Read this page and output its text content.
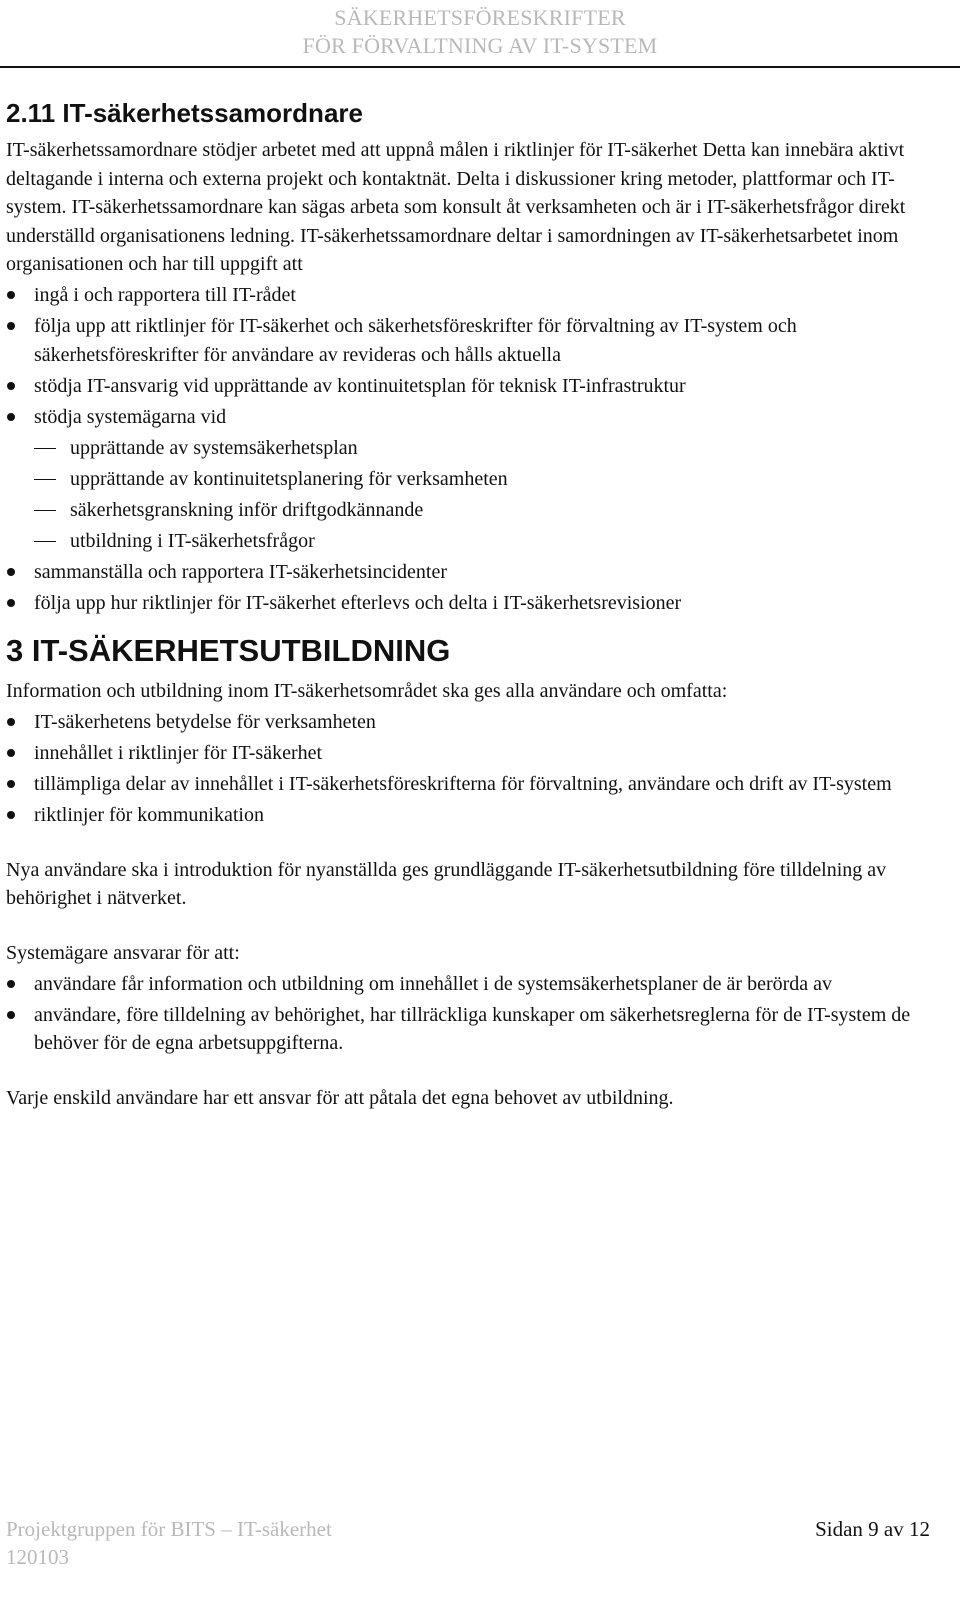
SÄKERHETSFÖRESKRIFTER
FÖR FÖRVALTNING AV IT-SYSTEM
2.11 IT-säkerhetssamordnare

IT-säkerhetssamordnare stödjer arbetet med att uppnå målen i riktlinjer för IT-säkerhet Detta kan innebära aktivt deltagande i interna och externa projekt och kontaktnät. Delta i diskussioner kring metoder, plattformar och IT-system. IT-säkerhetssamordnare kan sägas arbeta som konsult åt verksamheten och är i IT-säkerhetsfrågor direkt underställd organisationens ledning. IT-säkerhetssamordnare deltar i samordningen av IT-säkerhetsarbetet inom organisationen och har till uppgift att

ingå i och rapportera till IT-rådet
följa upp att riktlinjer för IT-säkerhet och säkerhetsföreskrifter för förvaltning av IT-system och säkerhetsföreskrifter för användare av revideras och hålls aktuella
stödja IT-ansvarig vid upprättande av kontinuitetsplan för teknisk IT-infrastruktur
stödja systemägarna vid
upprättande av systemsäkerhetsplan
upprättande av kontinuitetsplanering för verksamheten
säkerhetsgranskning inför driftgodkännande
utbildning i IT-säkerhetsfrågor
sammanställa och rapportera IT-säkerhetsincidenter
följa upp hur riktlinjer för IT-säkerhet efterlevs och delta i IT-säkerhetsrevisioner
3 IT-SÄKERHETSUTBILDNING

Information och utbildning inom IT-säkerhetsområdet ska ges alla användare och omfatta:

IT-säkerhetens betydelse för verksamheten
innehållet i riktlinjer för IT-säkerhet
tillämpliga delar av innehållet i IT-säkerhetsföreskrifterna för förvaltning, användare och drift av IT-system
riktlinjer för kommunikation

Nya användare ska i introduktion för nyanställda ges grundläggande IT-säkerhetsutbildning före tilldelning av behörighet i nätverket.

Systemägare ansvarar för att:

användare får information och utbildning om innehållet i de systemsäkerhetsplaner de är berörda av
användare, före tilldelning av behörighet, har tillräckliga kunskaper om säkerhetsreglerna för de IT-system de behöver för de egna arbetsuppgifterna.

Varje enskild användare har ett ansvar för att påtala det egna behovet av utbildning.

Projektgruppen för BITS – IT-säkerhet
120103
Sidan 9 av 12
